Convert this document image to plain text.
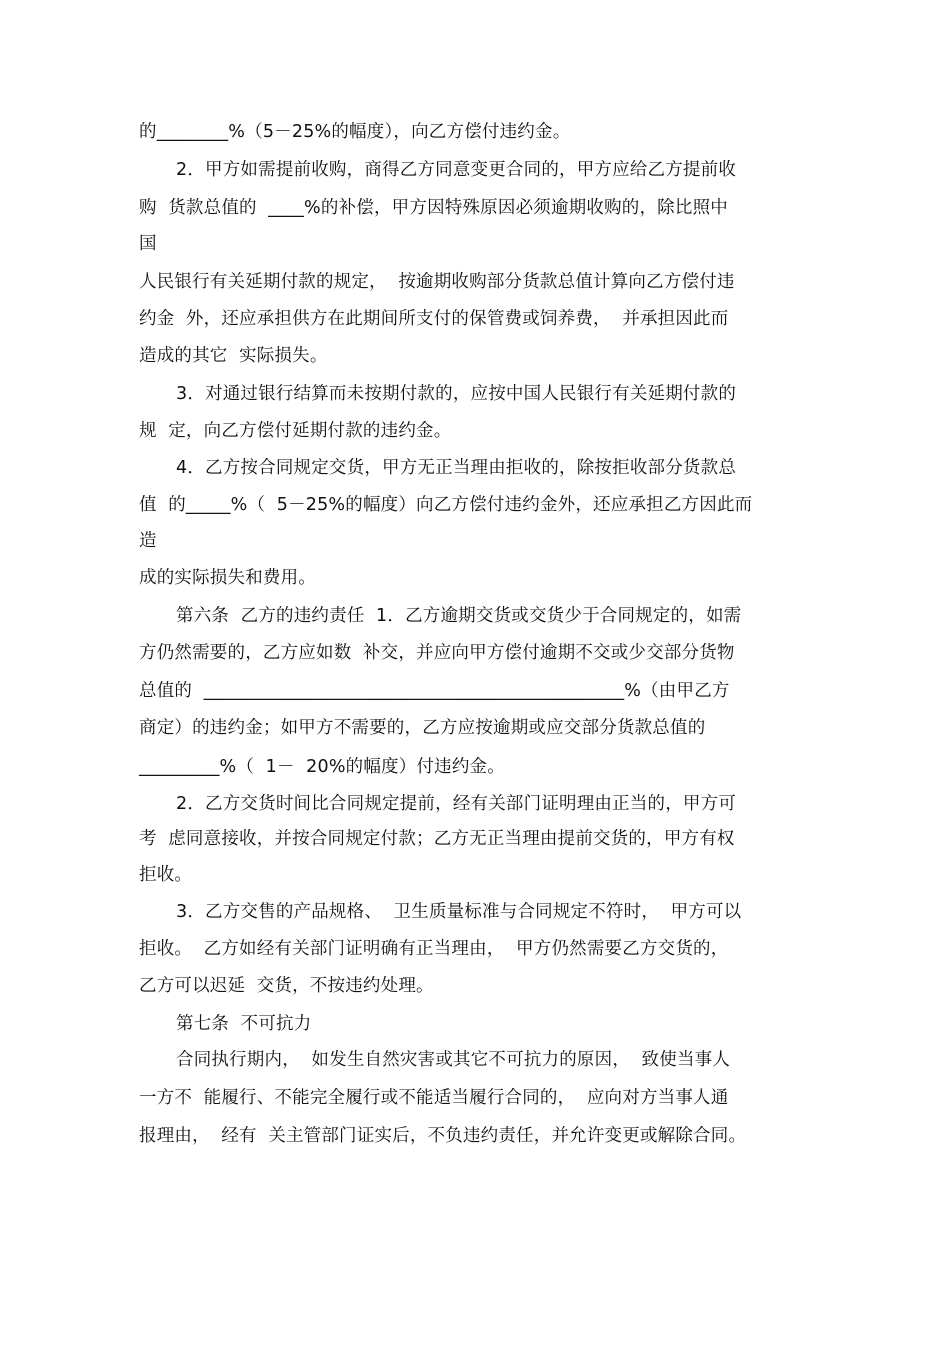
的________%（5－25%的幅度），向乙方偿付违约金。
2．甲方如需提前收购，商得乙方同意变更合同的，甲方应给乙方提前收
购  货款总值的  ____%的补偿，甲方因特殊原因必须逾期收购的，除比照中
国
人民银行有关延期付款的规定，  按逾期收购部分货款总值计算向乙方偿付违
约金  外，还应承担供方在此期间所支付的保管费或饲养费，  并承担因此而
造成的其它  实际损失。
3．对通过银行结算而未按期付款的，应按中国人民银行有关延期付款的
规  定，向乙方偿付延期付款的违约金。
4．乙方按合同规定交货，甲方无正当理由拒收的，除按拒收部分货款总
值  的_____%（  5－25%的幅度）向乙方偿付违约金外，还应承担乙方因此而
造
成的实际损失和费用。
第六条  乙方的违约责任  1．乙方逾期交货或交货少于合同规定的，如需
方仍然需要的，乙方应如数  补交，并应向甲方偿付逾期不交或少交部分货物
总值的  _______________________________________________%（由甲乙方
商定）的违约金；如甲方不需要的，乙方应按逾期或应交部分货款总值的
_________%（  1－  20%的幅度）付违约金。
2．乙方交货时间比合同规定提前，经有关部门证明理由正当的，甲方可
考  虑同意接收，并按合同规定付款；乙方无正当理由提前交货的，甲方有权
拒收。
3．乙方交售的产品规格、  卫生质量标准与合同规定不符时，  甲方可以
拒收。  乙方如经有关部门证明确有正当理由，  甲方仍然需要乙方交货的，
乙方可以迟延  交货，不按违约处理。
第七条  不可抗力
合同执行期内，  如发生自然灾害或其它不可抗力的原因，  致使当事人
一方不  能履行、不能完全履行或不能适当履行合同的，  应向对方当事人通
报理由，  经有  关主管部门证实后，不负违约责任，并允许变更或解除合同。
